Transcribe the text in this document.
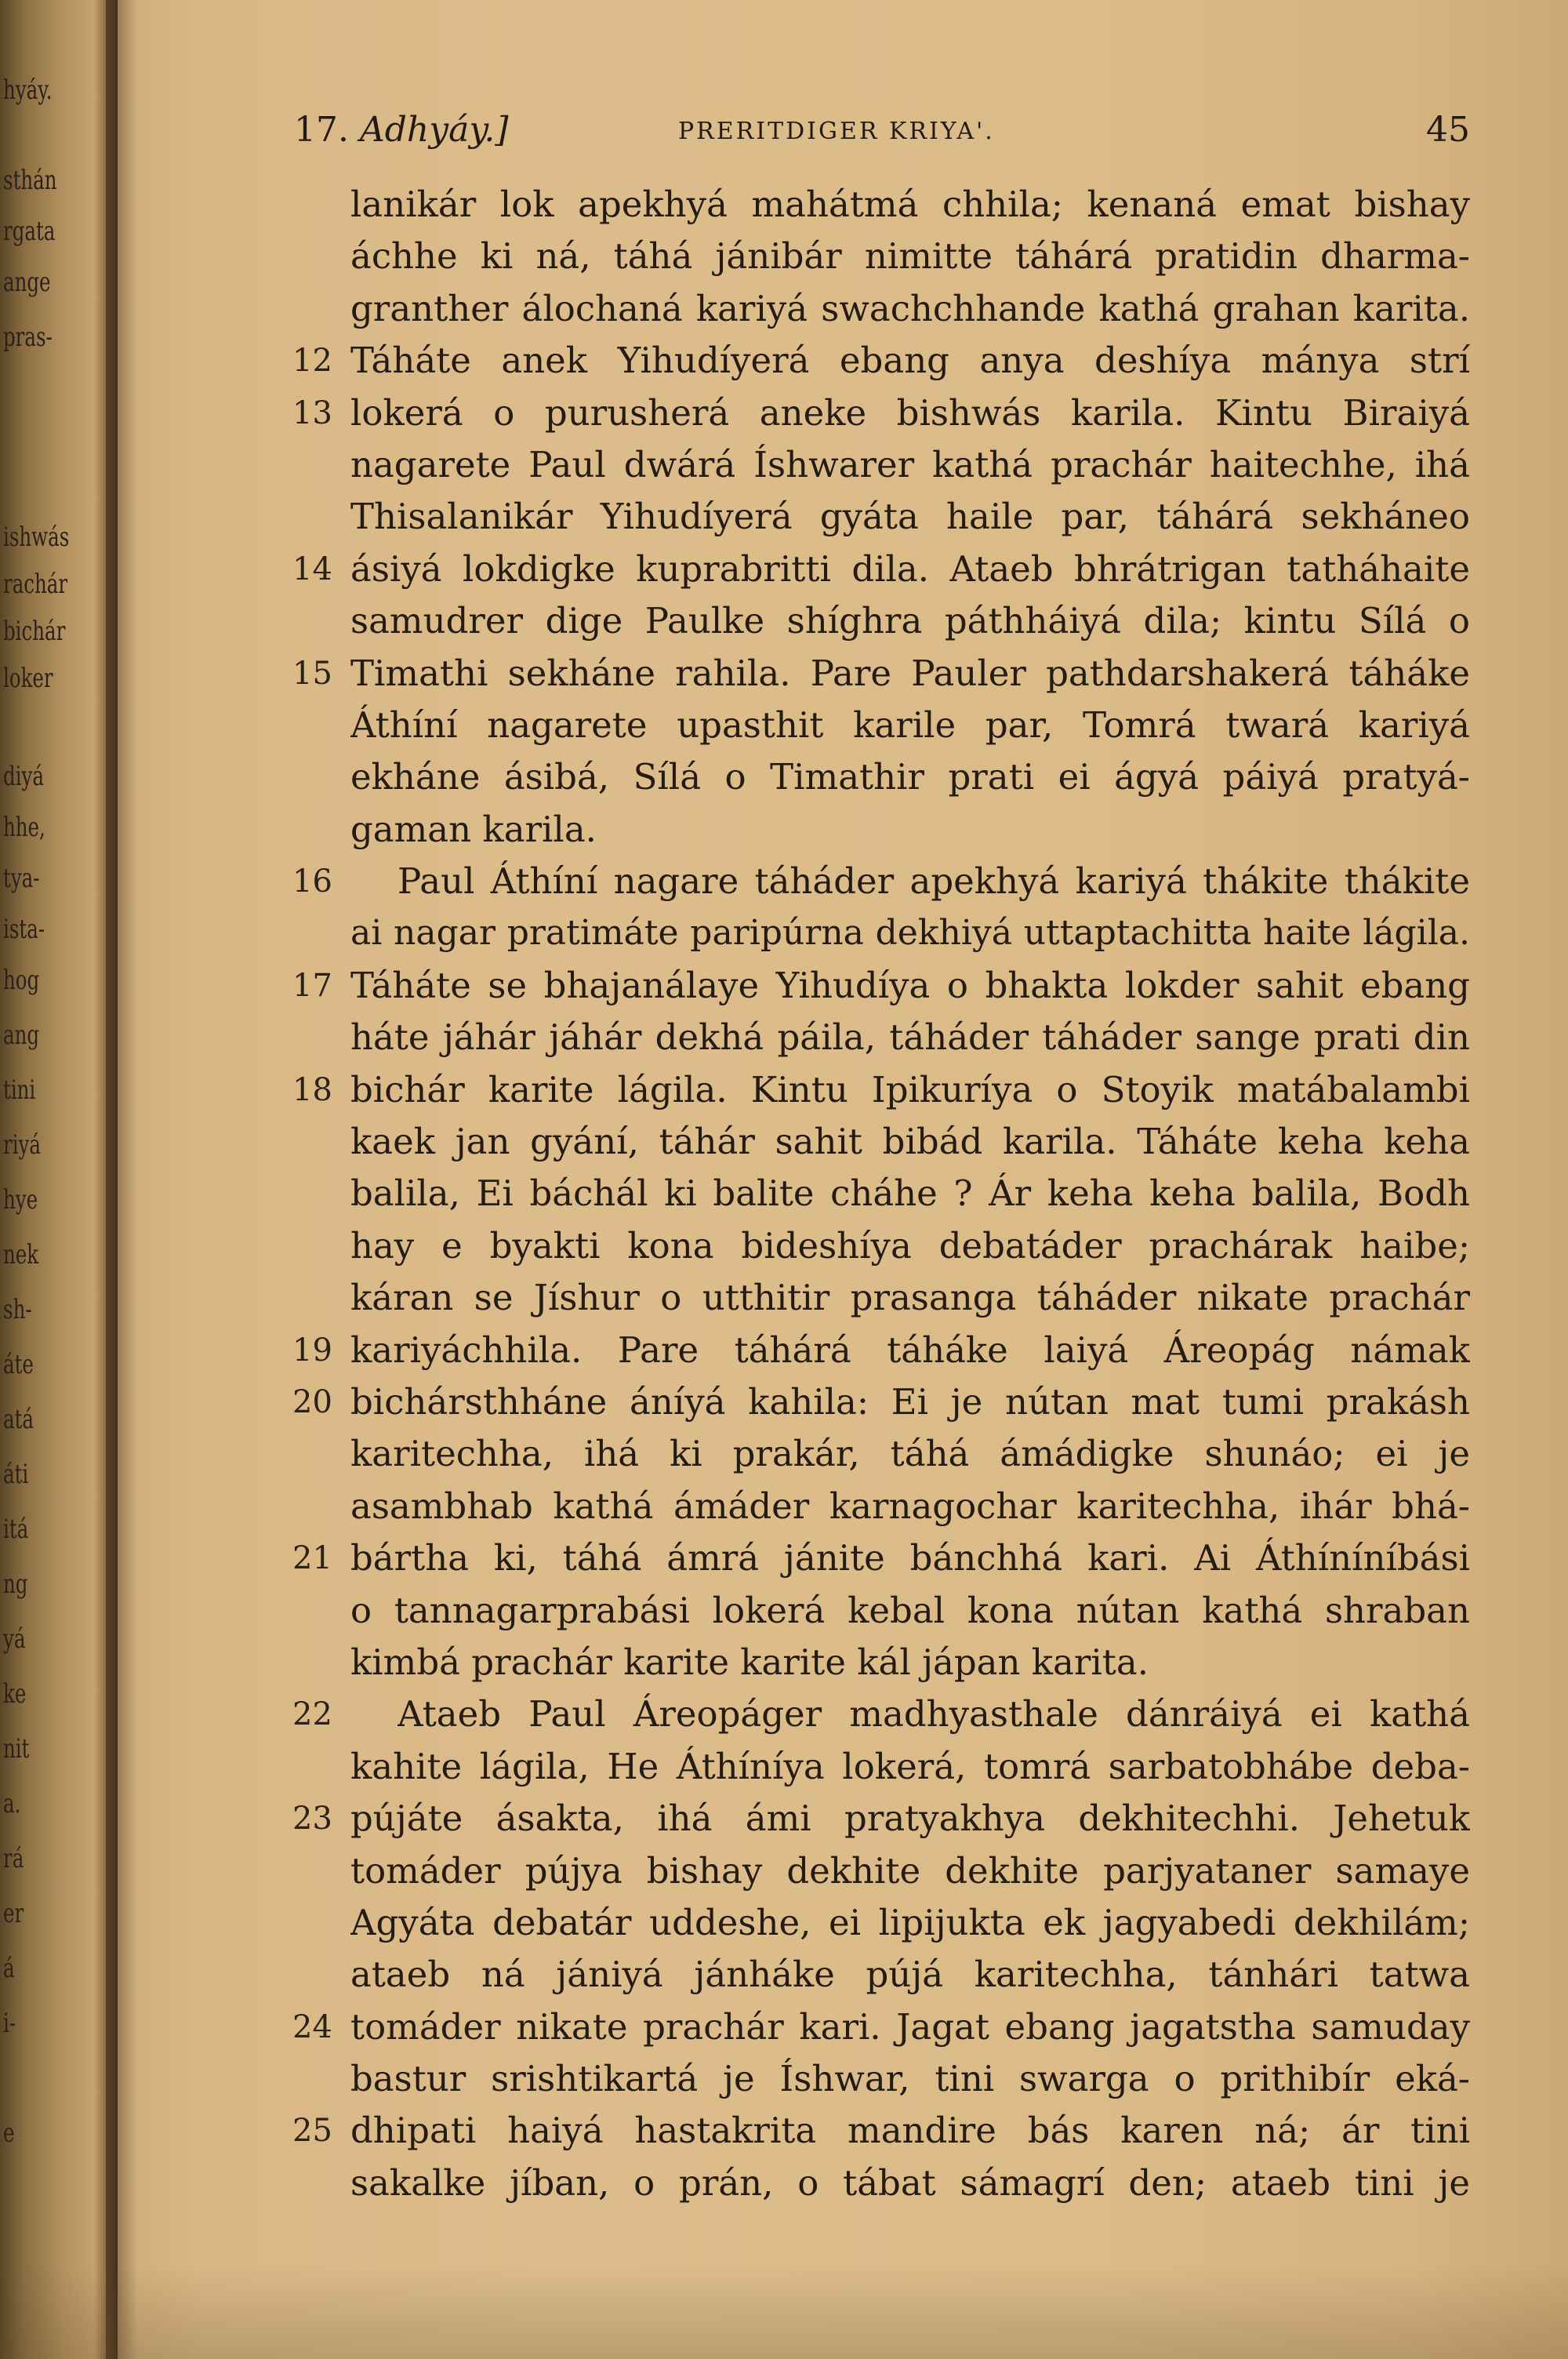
hyáy.
sthán
rgata
ange
pras-
ishwás
rachár
bichár
loker
diyá
hhe,
tya-
ista-
hog
ang
tini
riyá
hye
nek
sh-
áte
atá
áti
itá
ng
yá
ke
nit
a.
rá
er
á
i-
e
17. Adhyáy.]	PRERITDIGER KRIYA'.	45
lanikár lok apekhyá mahátmá chhila; kenaná emat bishay
áchhe ki ná, táhá jánibár nimitte táhárá pratidin dharma-
granther álochaná kariyá swachchhande kathá grahan karita.
12 Táháte anek Yihudíyerá ebang anya deshíya mánya strí
13 lokerá o purusherá aneke bishwás karila. Kintu Biraiyá
nagarete Paul dwárá Íshwarer kathá prachár haitechhe, ihá
Thisalanikár Yihudíyerá gyáta haile par, táhárá sekháneo
14 ásiyá lokdigke kuprabritti dila. Ataeb bhrátrigan tatháhaite
samudrer dige Paulke shíghra páthháiyá dila; kintu Sílá o
15 Timathi sekháne rahila. Pare Pauler pathdarshakerá táháke
Áthíní nagarete upasthit karile par, Tomrá twará kariyá
ekháne ásibá, Sílá o Timathir prati ei ágyá páiyá pratyá-
gaman karila.
16 Paul Áthíní nagare táháder apekhyá kariyá thákite thákite
ai nagar pratimáte paripúrna dekhiyá uttaptachitta haite lágila.
17 Táháte se bhajanálaye Yihudíya o bhakta lokder sahit ebang
háte jáhár jáhár dekhá páila, táháder táháder sange prati din
18 bichár karite lágila. Kintu Ipikuríya o Stoyik matábalambi
kaek jan gyání, táhár sahit bibád karila. Táháte keha keha
balila, Ei báchál ki balite cháhe ? Ár keha keha balila, Bodh
hay e byakti kona bideshíya debatáder prachárak haibe;
káran se Jíshur o utthitir prasanga táháder nikate prachár
19 kariyáchhila. Pare táhárá táháke laiyá Áreopág námak
20 bichársthháne áníyá kahila: Ei je nútan mat tumi prakásh
karitechha, ihá ki prakár, táhá ámádigke shunáo; ei je
asambhab kathá ámáder karnagochar karitechha, ihár bhá-
21 bártha ki, táhá ámrá jánite bánchhá kari. Ai Áthíníníbási
o tannagarprabási lokerá kebal kona nútan kathá shraban
kimbá prachár karite karite kál jápan karita.
22 Ataeb Paul Áreopáger madhyasthale dánráiyá ei kathá
kahite lágila, He Áthíníya lokerá, tomrá sarbatobhábe deba-
23 pújáte ásakta, ihá ámi pratyakhya dekhitechhi. Jehetuk
tomáder pújya bishay dekhite dekhite parjyataner samaye
Agyáta debatár uddeshe, ei lipijukta ek jagyabedi dekhilám;
ataeb ná jániyá jánháke pújá karitechha, tánhári tatwa
24 tomáder nikate prachár kari. Jagat ebang jagatstha samuday
bastur srishtikartá je Íshwar, tini swarga o prithibír eká-
25 dhipati haiyá hastakrita mandire bás karen ná; ár tini
sakalke jíban, o prán, o tábat sámagrí den; ataeb tini je
